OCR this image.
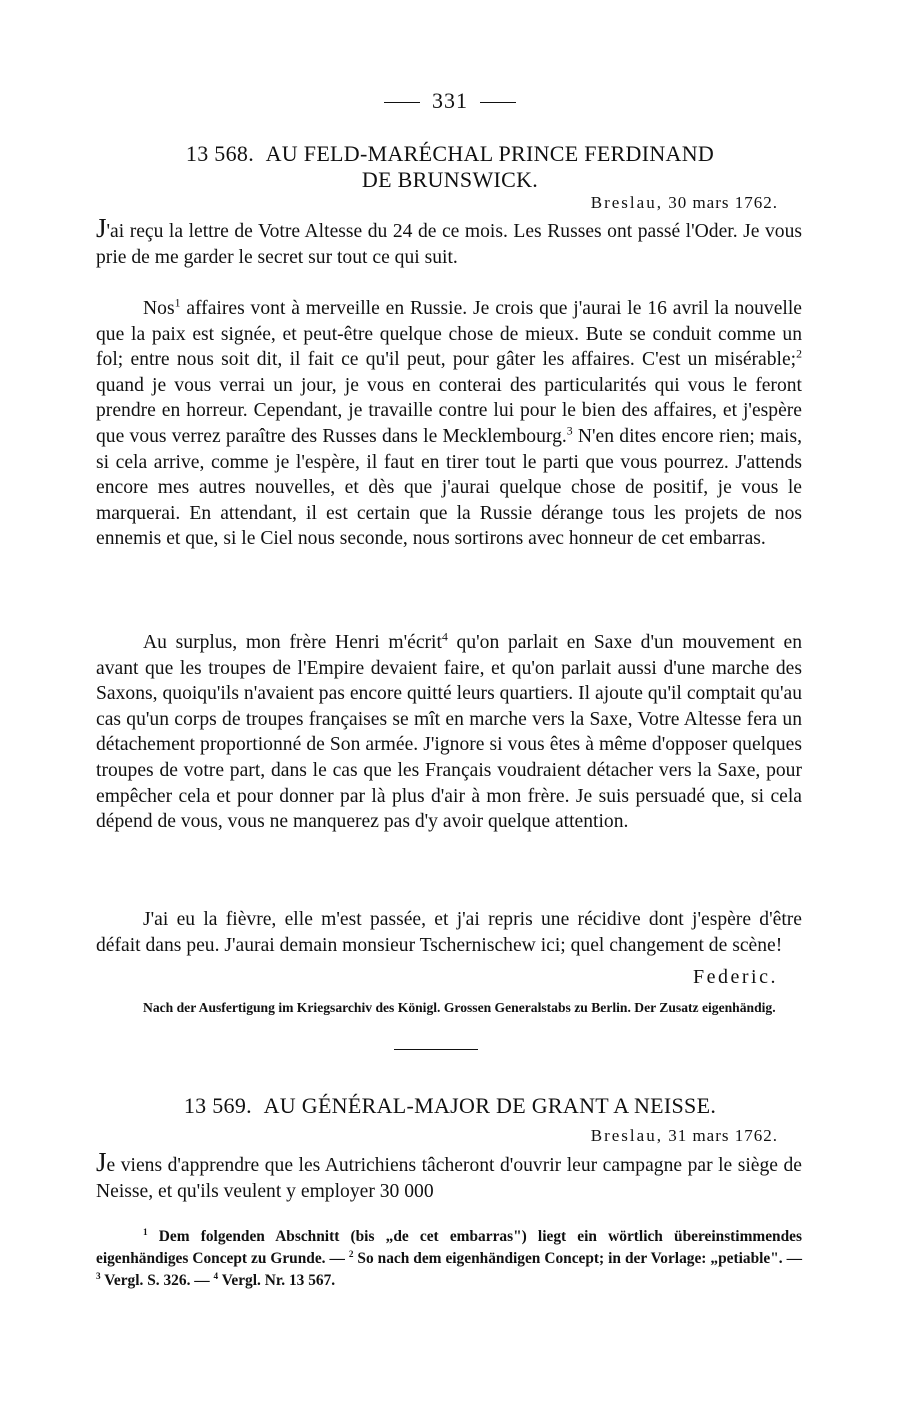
331
13 568. AU FELD-MARÉCHAL PRINCE FERDINAND
DE BRUNSWICK.
Breslau, 30 mars 1762.
J'ai reçu la lettre de Votre Altesse du 24 de ce mois. Les Russes ont passé l'Oder. Je vous prie de me garder le secret sur tout ce qui suit.
Nos$^1$ affaires vont à merveille en Russie. Je crois que j'aurai le 16 avril la nouvelle que la paix est signée, et peut-être quelque chose de mieux. Bute se conduit comme un fol; entre nous soit dit, il fait ce qu'il peut, pour gâter les affaires. C'est un misérable;$^2$ quand je vous verrai un jour, je vous en conterai des particularités qui vous le feront prendre en horreur. Cependant, je travaille contre lui pour le bien des affaires, et j'espère que vous verrez paraître des Russes dans le Mecklembourg.$^3$ N'en dites encore rien; mais, si cela arrive, comme je l'espère, il faut en tirer tout le parti que vous pourrez. J'attends encore mes autres nouvelles, et dès que j'aurai quelque chose de positif, je vous le marquerai. En attendant, il est certain que la Russie dérange tous les projets de nos ennemis et que, si le Ciel nous seconde, nous sortirons avec honneur de cet embarras.
Au surplus, mon frère Henri m'écrit$^4$ qu'on parlait en Saxe d'un mouvement en avant que les troupes de l'Empire devaient faire, et qu'on parlait aussi d'une marche des Saxons, quoiqu'ils n'avaient pas encore quitté leurs quartiers. Il ajoute qu'il comptait qu'au cas qu'un corps de troupes françaises se mît en marche vers la Saxe, Votre Altesse fera un détachement proportionné de Son armée. J'ignore si vous êtes à même d'opposer quelques troupes de votre part, dans le cas que les Français voudraient détacher vers la Saxe, pour empêcher cela et pour donner par là plus d'air à mon frère. Je suis persuadé que, si cela dépend de vous, vous ne manquerez pas d'y avoir quelque attention.
J'ai eu la fièvre, elle m'est passée, et j'ai repris une récidive dont j'espère d'être défait dans peu. J'aurai demain monsieur Tschernischew ici; quel changement de scène!
Federic.
Nach der Ausfertigung im Kriegsarchiv des Königl. Grossen Generalstabs zu Berlin. Der Zusatz eigenhändig.
13 569. AU GÉNÉRAL-MAJOR DE GRANT A NEISSE.
Breslau, 31 mars 1762.
Je viens d'apprendre que les Autrichiens tâcheront d'ouvrir leur campagne par le siège de Neisse, et qu'ils veulent y employer 30 000
$^1$ Dem folgenden Abschnitt (bis „de cet embarras") liegt ein wörtlich übereinstimmendes eigenhändiges Concept zu Grunde. — $^2$ So nach dem eigenhändigen Concept; in der Vorlage: „petiable". — $^3$ Vergl. S. 326. — $^4$ Vergl. Nr. 13 567.
